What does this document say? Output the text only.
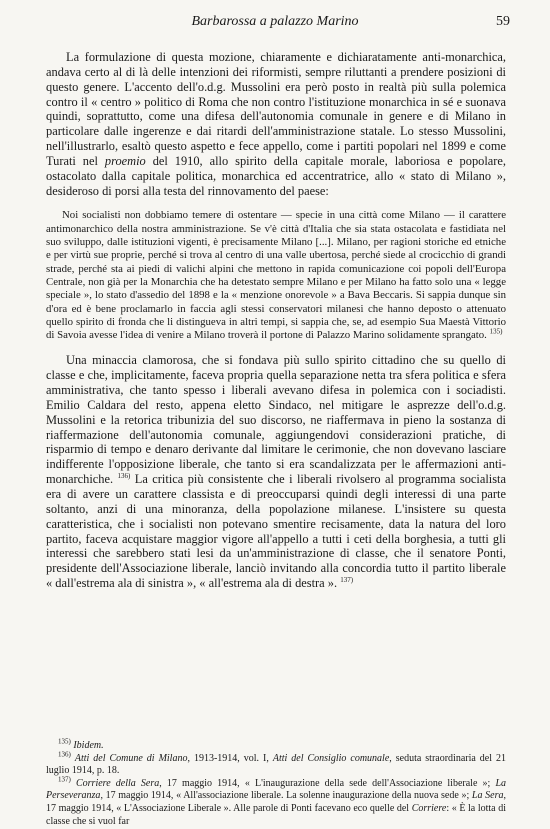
Barbarossa a palazzo Marino	59

La formulazione di questa mozione, chiaramente e dichiaratamente anti-monarchica, andava certo al di là delle intenzioni dei riformisti, sempre riluttanti a prendere posizioni di questo genere. L'accento dell'o.d.g. Mussolini era però posto in realtà più sulla polemica contro il « centro » politico di Roma che non contro l'istituzione monarchica in sé e suonava quindi, soprattutto, come una difesa dell'autonomia comunale in genere e di Milano in particolare dalle ingerenze e dai ritardi dell'amministrazione statale. Lo stesso Mussolini, nell'illustrarlo, esaltò questo aspetto e fece appello, come i partiti popolari nel 1899 e come Turati nel proemio del 1910, allo spirito della capitale morale, laboriosa e popolare, ostacolato dalla capitale politica, monarchica ed accentratrice, allo « stato di Milano », desideroso di porsi alla testa del rinnovamento del paese:

Noi socialisti non dobbiamo temere di ostentare — specie in una città come Milano — il carattere antimonarchico della nostra amministrazione. Se v'è città d'Italia che sia stata ostacolata e fastidiata nel suo sviluppo, dalle istituzioni vigenti, è precisamente Milano [...]. Milano, per ragioni storiche ed etniche e per virtù sue proprie, perché si trova al centro di una valle ubertosa, perché siede al crocicchio di grandi strade, perché sta ai piedi di valichi alpini che mettono in rapida comunicazione coi popoli dell'Europa Centrale, non già per la Monarchia che ha detestato sempre Milano e per Milano ha fatto solo una « legge speciale », lo stato d'assedio del 1898 e la « menzione onorevole » a Bava Beccaris. Si sappia dunque sin d'ora ed è bene proclamarlo in faccia agli stessi conservatori milanesi che hanno deposto o attenuato quello spirito di fronda che li distingueva in altri tempi, si sappia che, se, ad esempio Sua Maestà Vittorio di Savoia avesse l'idea di venire a Milano troverà il portone di Palazzo Marino solidamente sprangato. $^{135)}$

Una minaccia clamorosa, che si fondava più sullo spirito cittadino che su quello di classe e che, implicitamente, faceva propria quella separazione netta tra sfera politica e sfera amministrativa, che tanto spesso i liberali avevano difesa in polemica con i sociadisti. Emilio Caldara del resto, appena eletto Sindaco, nel mitigare le asprezze dell'o.d.g. Mussolini e la retorica tribunizia del suo discorso, ne riaffermava in pieno la sostanza di riaffermazione dell'autonomia comunale, aggiungendovi considerazioni pratiche, di risparmio di tempo e denaro derivante dal limitare le cerimonie, che non dovevano lasciare indifferente l'opposizione liberale, che tanto si era scandalizzata per le affermazioni anti-monarchiche. $^{136)}$ La critica più consistente che i liberali rivolsero al programma socialista era di avere un carattere classista e di preoccuparsi quindi degli interessi di una parte soltanto, anzi di una minoranza, della popolazione milanese. L'insistere su questa caratteristica, che i socialisti non potevano smentire recisamente, data la natura del loro partito, faceva acquistare maggior vigore all'appello a tutti i ceti della borghesia, a tutti gli interessi che sarebbero stati lesi da un'amministrazione di classe, che il senatore Ponti, presidente dell'Associazione liberale, lanciò invitando alla concordia tutto il partito liberale « dall'estrema ala di sinistra », « all'estrema ala di destra ». $^{137)}$

$^{135)}$ Ibidem.

$^{136)}$ Atti del Comune di Milano, 1913-1914, vol. I, Atti del Consiglio comunale, seduta straordinaria del 21 luglio 1914, p. 18.

$^{137)}$ Corriere della Sera, 17 maggio 1914, « L'inaugurazione della sede dell'Associazione liberale »; La Perseveranza, 17 maggio 1914, « All'associazione liberale. La solenne inaugurazione della nuova sede »; La Sera, 17 maggio 1914, « L'Associazione Liberale ». Alle parole di Ponti facevano eco quelle del Corriere: « È la lotta di classe che si vuol far
